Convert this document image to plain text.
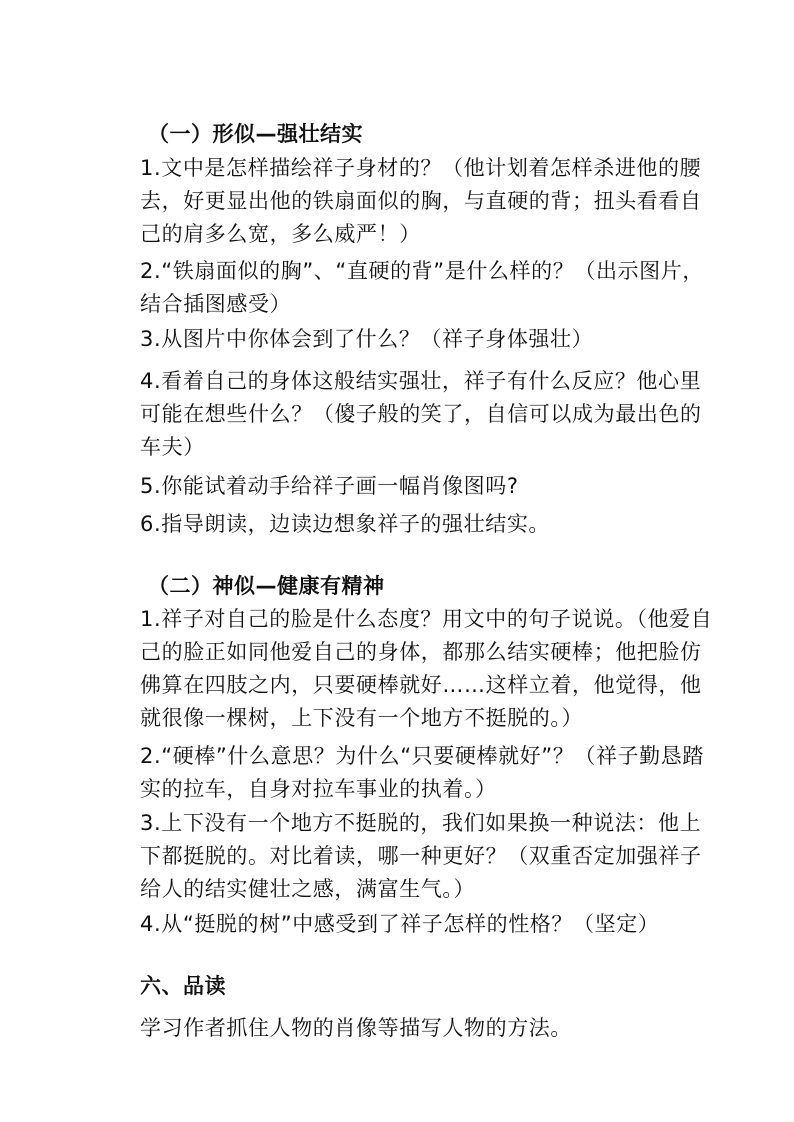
（一）形似—强壮结实
1.文中是怎样描绘祥子身材的？（他计划着怎样杀进他的腰去，好更显出他的铁扇面似的胸，与直硬的背；扭头看看自己的肩多么宽，多么威严！）
2.“铁扇面似的胸”、“直硬的背”是什么样的？（出示图片，结合插图感受）
3.从图片中你体会到了什么？（祥子身体强壮）
4.看着自己的身体这般结实强壮，祥子有什么反应？他心里可能在想些什么？（傻子般的笑了，自信可以成为最出色的车夫）
5.你能试着动手给祥子画一幅肖像图吗?
6.指导朗读，边读边想象祥子的强壮结实。
（二）神似—健康有精神
1.祥子对自己的脸是什么态度？用文中的句子说说。（他爱自己的脸正如同他爱自己的身体，都那么结实硬棒；他把脸仿佛算在四肢之内，只要硬棒就好……这样立着，他觉得，他就很像一棵树，上下没有一个地方不挺脱的。）
2.“硬棒”什么意思？为什么“只要硬棒就好”？（祥子勤恳踏实的拉车，自身对拉车事业的执着。）
3.上下没有一个地方不挺脱的，我们如果换一种说法：他上下都挺脱的。对比着读，哪一种更好？（双重否定加强祥子给人的结实健壮之感，满富生气。）
4.从“挺脱的树”中感受到了祥子怎样的性格？（坚定）
六、品读
学习作者抓住人物的肖像等描写人物的方法。
